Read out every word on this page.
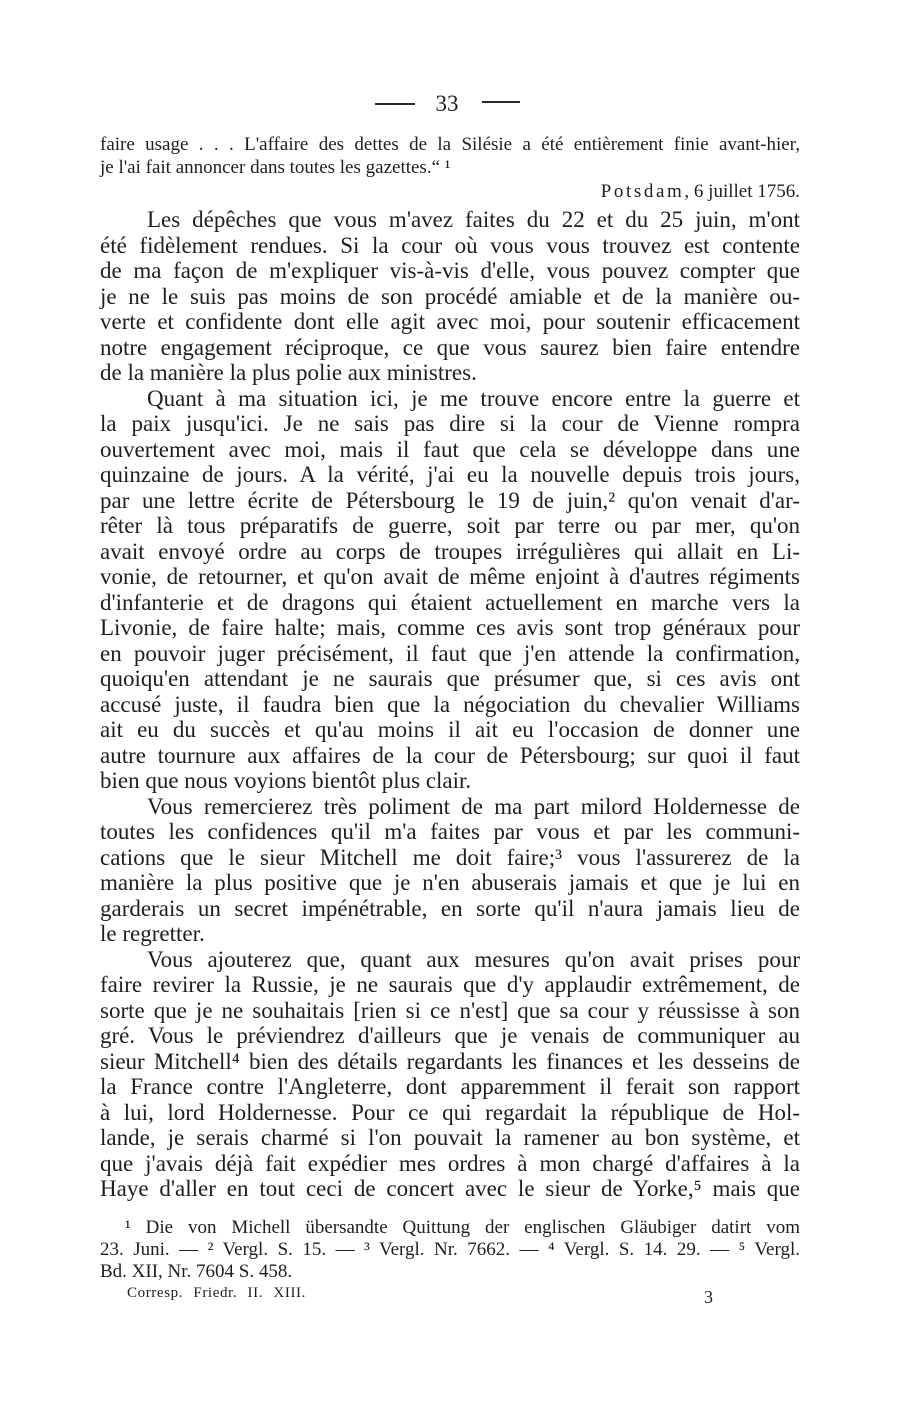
33
faire usage . . . L'affaire des dettes de la Silésie a été entièrement finie avant-hier,
je l'ai fait annoncer dans toutes les gazettes.“ ¹
Potsdam, 6 juillet 1756.
Les dépêches que vous m'avez faites du 22 et du 25 juin, m'ont
été fidèlement rendues. Si la cour où vous vous trouvez est contente
de ma façon de m'expliquer vis-à-vis d'elle, vous pouvez compter que
je ne le suis pas moins de son procédé amiable et de la manière ou-
verte et confidente dont elle agit avec moi, pour soutenir efficacement
notre engagement réciproque, ce que vous saurez bien faire entendre
de la manière la plus polie aux ministres.
Quant à ma situation ici, je me trouve encore entre la guerre et
la paix jusqu'ici. Je ne sais pas dire si la cour de Vienne rompra
ouvertement avec moi, mais il faut que cela se développe dans une
quinzaine de jours. A la vérité, j'ai eu la nouvelle depuis trois jours,
par une lettre écrite de Pétersbourg le 19 de juin,² qu'on venait d'ar-
rêter là tous préparatifs de guerre, soit par terre ou par mer, qu'on
avait envoyé ordre au corps de troupes irrégulières qui allait en Li-
vonie, de retourner, et qu'on avait de même enjoint à d'autres régiments
d'infanterie et de dragons qui étaient actuellement en marche vers la
Livonie, de faire halte; mais, comme ces avis sont trop généraux pour
en pouvoir juger précisément, il faut que j'en attende la confirmation,
quoiqu'en attendant je ne saurais que présumer que, si ces avis ont
accusé juste, il faudra bien que la négociation du chevalier Williams
ait eu du succès et qu'au moins il ait eu l'occasion de donner une
autre tournure aux affaires de la cour de Pétersbourg; sur quoi il faut
bien que nous voyions bientôt plus clair.
Vous remercierez très poliment de ma part milord Holdernesse de
toutes les confidences qu'il m'a faites par vous et par les communi-
cations que le sieur Mitchell me doit faire;³ vous l'assurerez de la
manière la plus positive que je n'en abuserais jamais et que je lui en
garderais un secret impénétrable, en sorte qu'il n'aura jamais lieu de
le regretter.
Vous ajouterez que, quant aux mesures qu'on avait prises pour
faire revirer la Russie, je ne saurais que d'y applaudir extrêmement, de
sorte que je ne souhaitais [rien si ce n'est] que sa cour y réussisse à son
gré. Vous le préviendrez d'ailleurs que je venais de communiquer au
sieur Mitchell⁴ bien des détails regardants les finances et les desseins de
la France contre l'Angleterre, dont apparemment il ferait son rapport
à lui, lord Holdernesse. Pour ce qui regardait la république de Hol-
lande, je serais charmé si l'on pouvait la ramener au bon système, et
que j'avais déjà fait expédier mes ordres à mon chargé d'affaires à la
Haye d'aller en tout ceci de concert avec le sieur de Yorke,⁵ mais que
¹ Die von Michell übersandte Quittung der englischen Gläubiger datirt vom
23. Juni. — ² Vergl. S. 15. — ³ Vergl. Nr. 7662. — ⁴ Vergl. S. 14. 29. — ⁵ Vergl.
Bd. XII, Nr. 7604 S. 458.
Corresp. Friedr. II. XIII.	3
